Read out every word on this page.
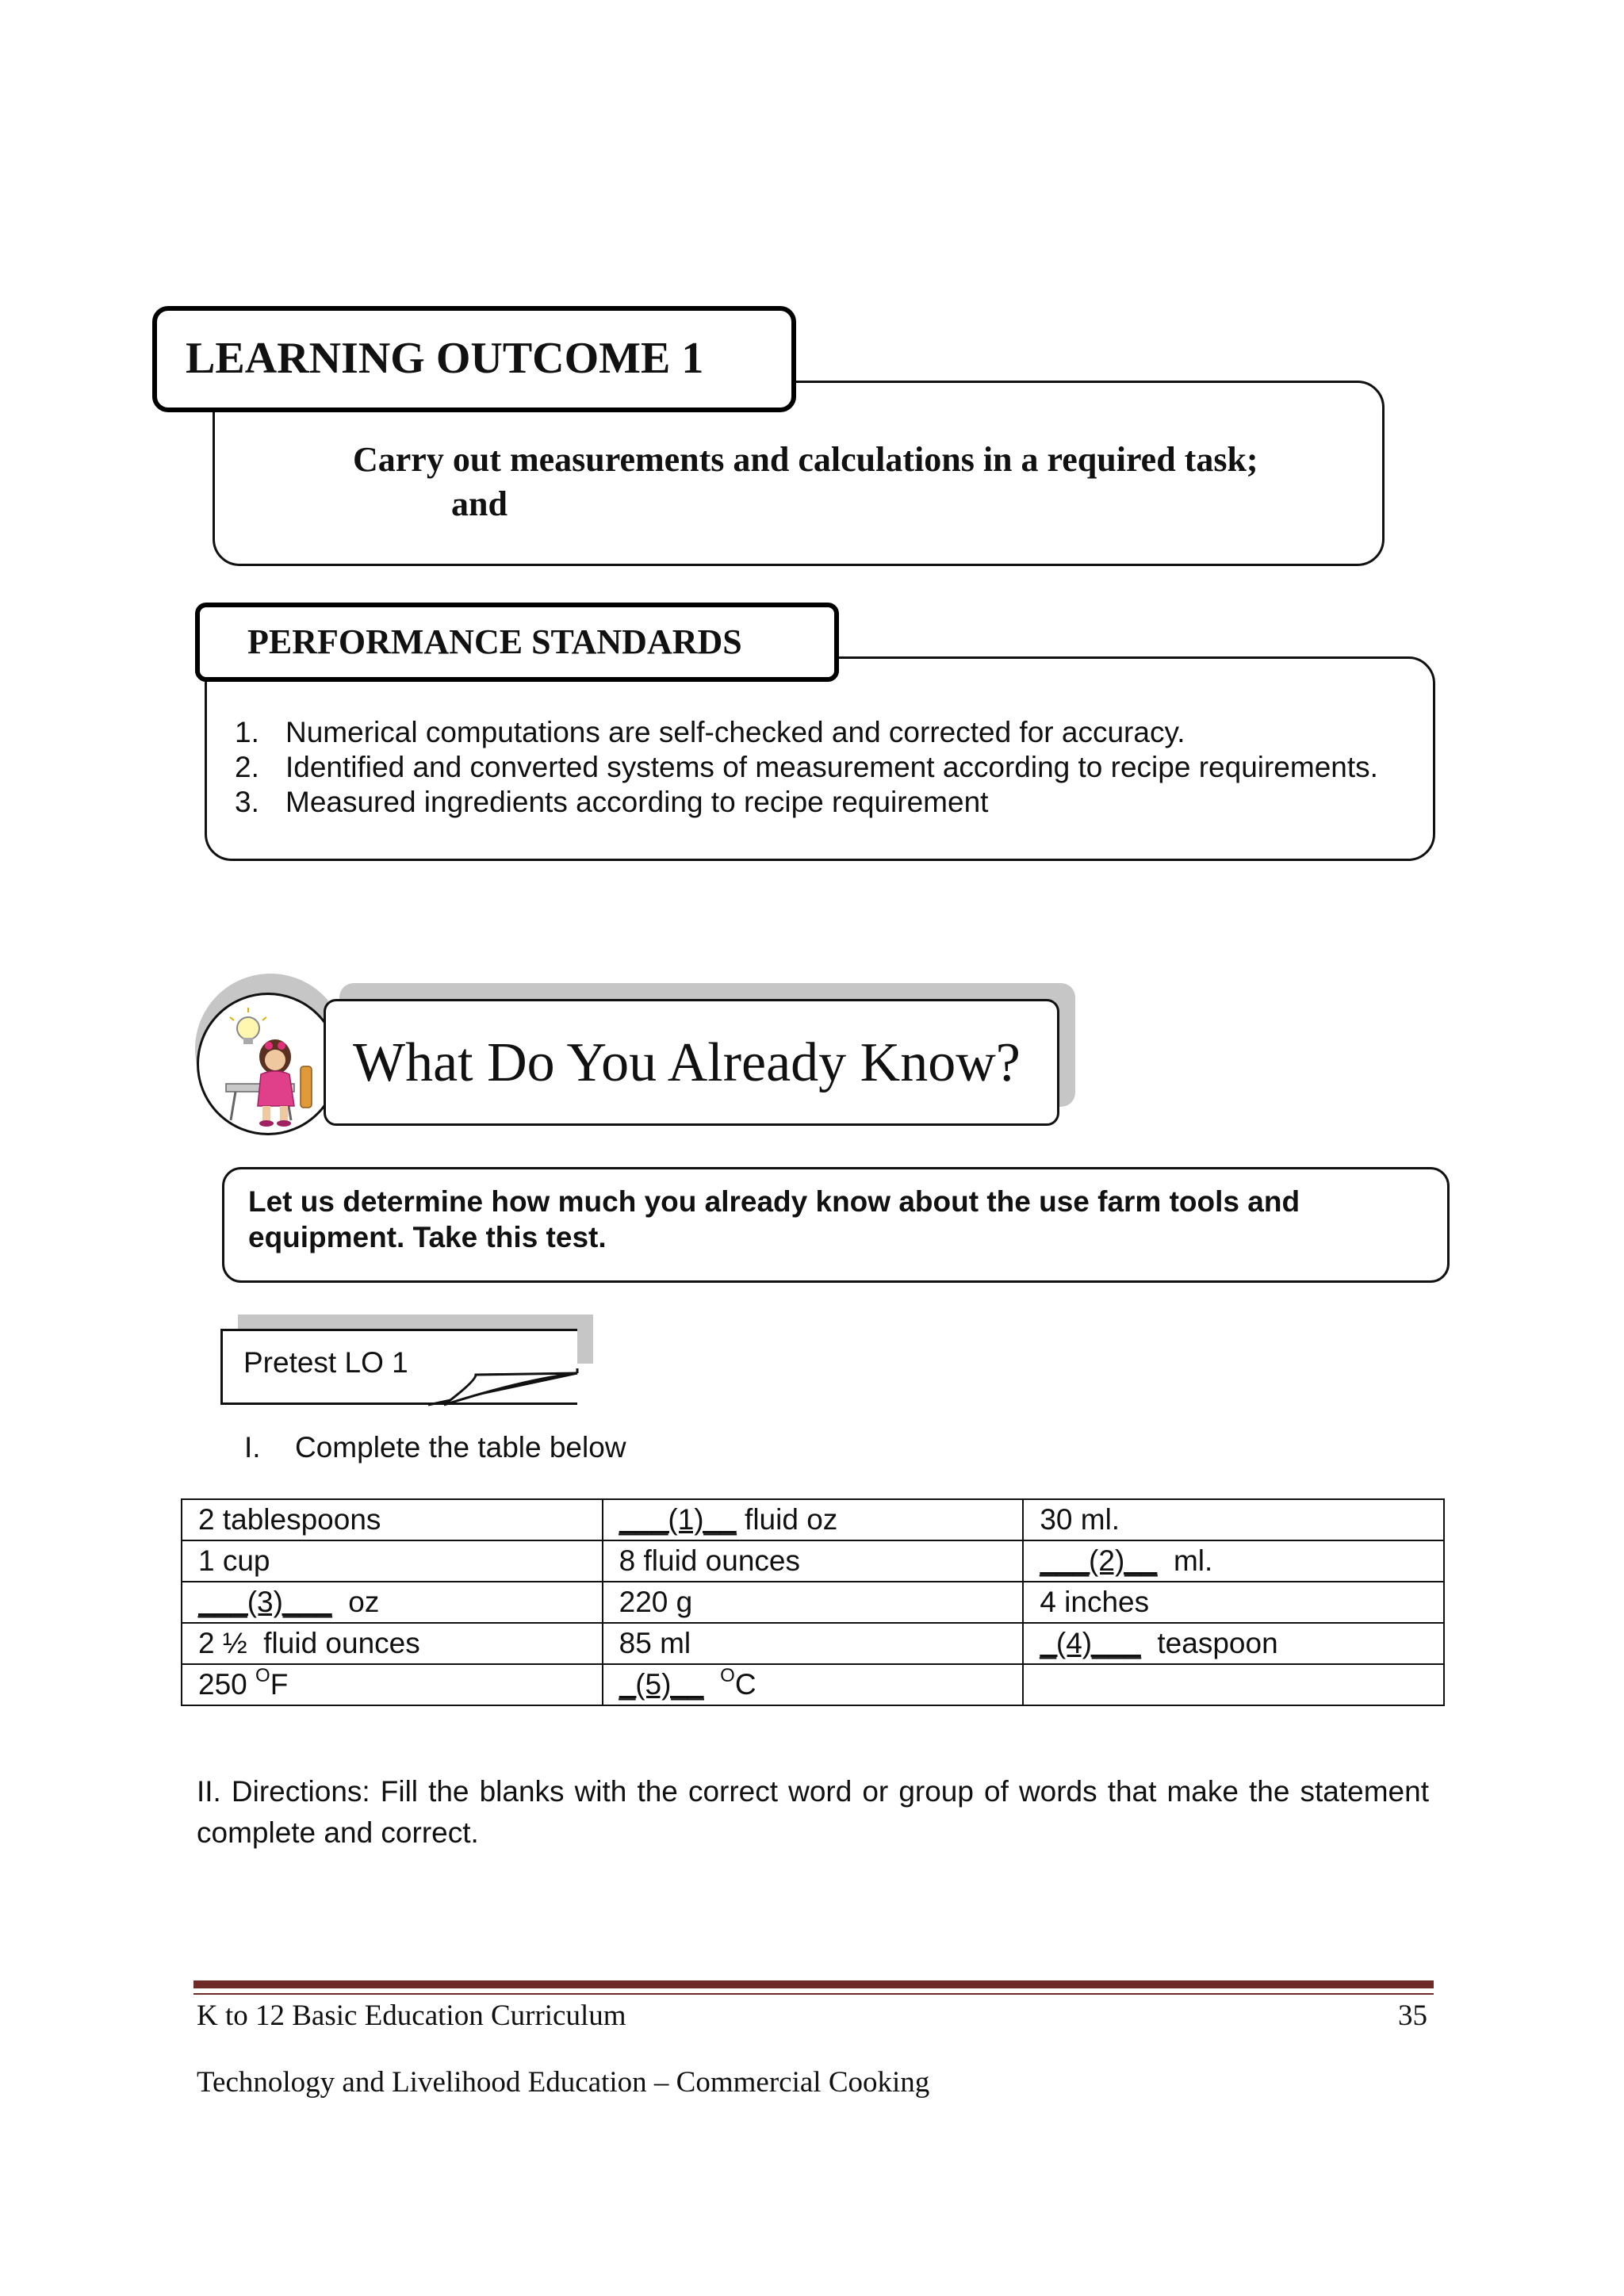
LEARNING OUTCOME 1
Carry out measurements and calculations in a required task;
and
PERFORMANCE STANDARDS
1. Numerical computations are self-checked and corrected for accuracy.
2. Identified and converted systems of measurement according to recipe requirements.
3. Measured ingredients according to recipe requirement
What Do You Already Know?
Let us determine how much you already know about the use farm tools and equipment. Take this test.
Pretest LO 1
I. Complete the table below
2 tablespoons	___(1)__ fluid oz	30 ml.
1 cup	8 fluid ounces	___(2)__  ml.
___(3)___  oz	220 g	4 inches
2 ½  fluid ounces	85 ml	_(4)___  teaspoon
250 $^O$F	_(5)__ $^O$C	
II. Directions: Fill the blanks with the correct word or group of words that make the statement complete and correct.
K to 12 Basic Education Curriculum	35
Technology and Livelihood Education – Commercial Cooking
